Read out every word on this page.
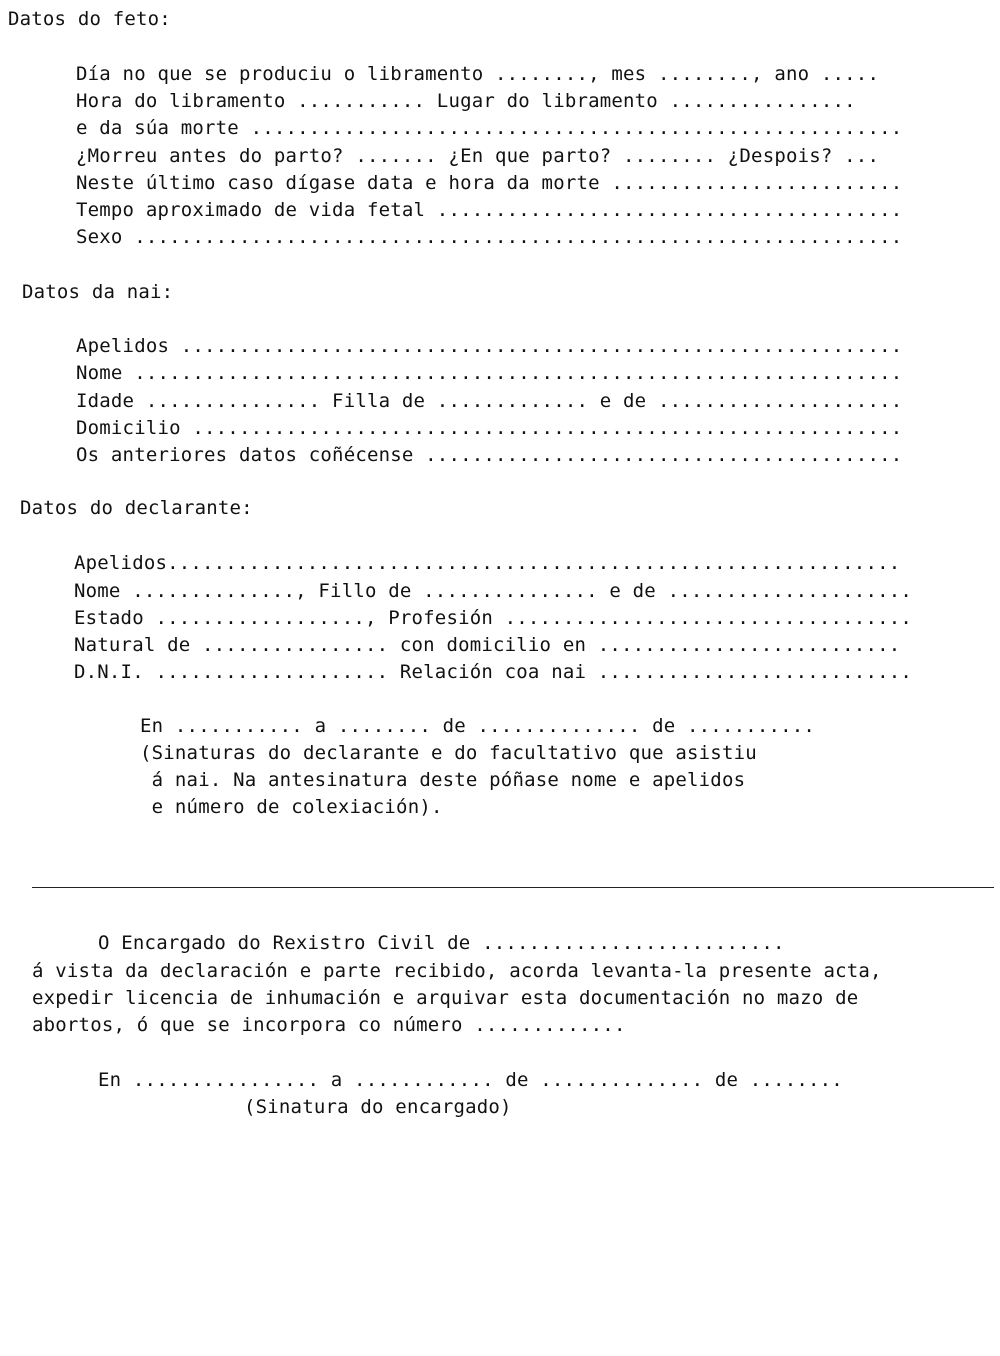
Datos do feto:
Día no que se produciu o libramento ........, mes ........, ano .....
Hora do libramento ........... Lugar do libramento ................
e da súa morte ........................................................
¿Morreu antes do parto? ....... ¿En que parto? ........ ¿Despois? ...
Neste último caso dígase data e hora da morte .........................
Tempo aproximado de vida fetal ........................................
Sexo ..................................................................
Datos da nai:
Apelidos ..............................................................
Nome ..................................................................
Idade ............... Filla de ............. e de .....................
Domicilio .............................................................
Os anteriores datos coñécense .........................................
Datos do declarante:
Apelidos...............................................................
Nome .............., Fillo de ............... e de .....................
Estado .................., Profesión ...................................
Natural de ................ con domicilio en ..........................
D.N.I. .................... Relación coa nai ...........................
En ........... a ........ de .............. de ...........
(Sinaturas do declarante e do facultativo que asistiu
á nai. Na antesinatura deste póñase nome e apelidos
e número de colexiación).
O Encargado do Rexistro Civil de ..........................
á vista da declaración e parte recibido, acorda levanta-la presente acta,
expedir licencia de inhumación e arquivar esta documentación no mazo de
abortos, ó que se incorpora co número .............
En ................ a ............ de .............. de ........
(Sinatura do encargado)
